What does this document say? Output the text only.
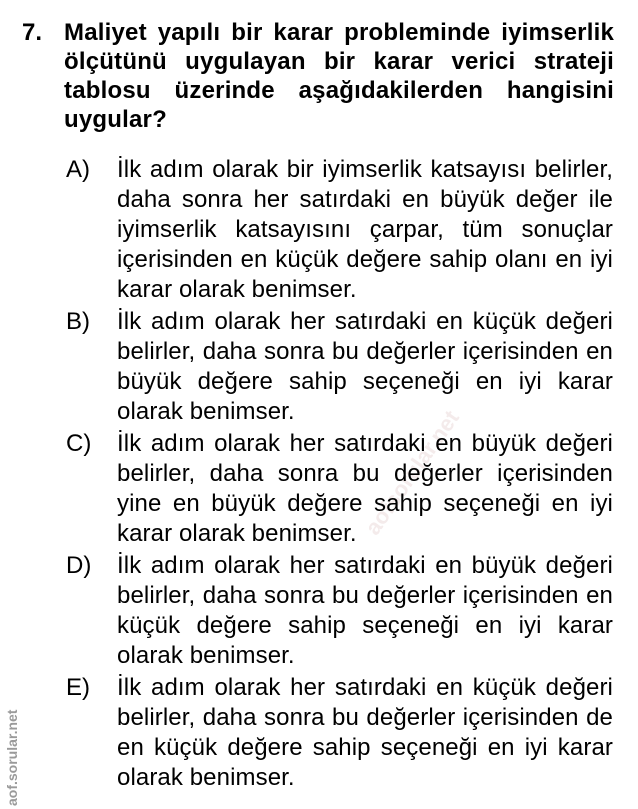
aofsorular.net
7. Maliyet yapılı bir karar probleminde iyimserlik ölçütünü uygulayan bir karar verici strateji tablosu üzerinde aşağıdakilerden hangisini uygular?
A) İlk adım olarak bir iyimserlik katsayısı belirler, daha sonra her satırdaki en büyük değer ile iyimserlik katsayısını çarpar, tüm sonuçlar içerisinden en küçük değere sahip olanı en iyi karar olarak benimser.
B) İlk adım olarak her satırdaki en küçük değeri belirler, daha sonra bu değerler içerisinden en büyük değere sahip seçeneği en iyi karar olarak benimser.
C) İlk adım olarak her satırdaki en büyük değeri belirler, daha sonra bu değerler içerisinden yine en büyük değere sahip seçeneği en iyi karar olarak benimser.
D) İlk adım olarak her satırdaki en büyük değeri belirler, daha sonra bu değerler içerisinden en küçük değere sahip seçeneği en iyi karar olarak benimser.
E) İlk adım olarak her satırdaki en küçük değeri belirler, daha sonra bu değerler içerisinden de en küçük değere sahip seçeneği en iyi karar olarak benimser.
aof.sorular.net
